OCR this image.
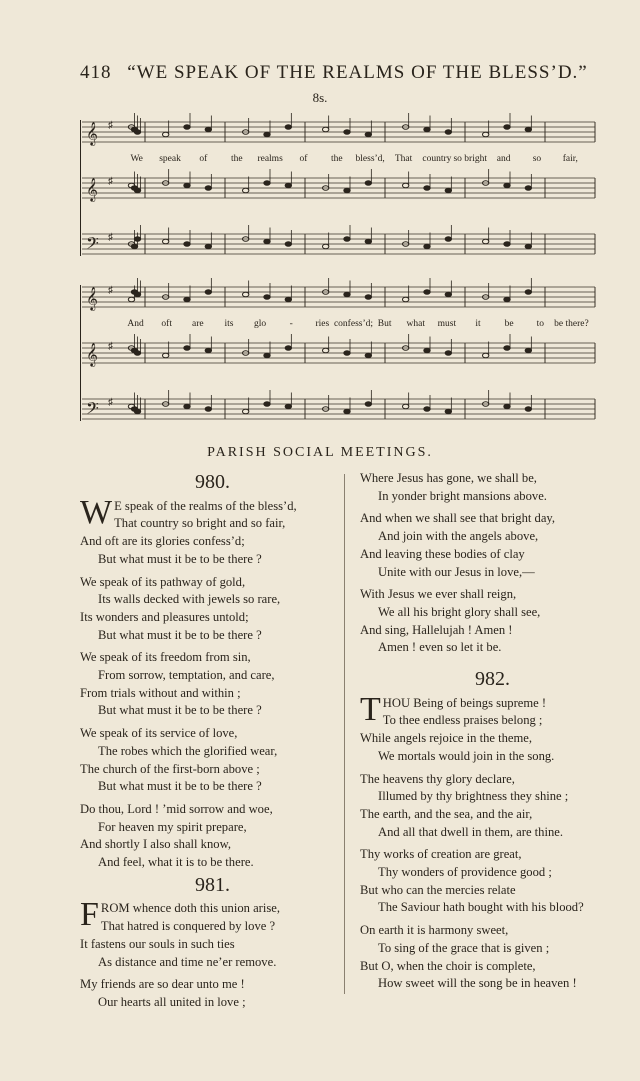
418 “WE SPEAK OF THE REALMS OF THE BLESS’D.”
8s.
𝄞 ♯
𝄞 ♯
𝄢 ♯
𝄞 ♯
𝄞 ♯
𝄢 ♯
We speak of the realms of the bless’d, That country so bright and so fair,
And oft are its glo - ries confess’d; But what must it	be to be there?
PARISH SOCIAL MEETINGS.
980.
W E speak of the realms of the bless’d,
That country so bright and so fair,
And oft are its glories confess’d;
But what must it be to be there ?
We speak of its pathway of gold,
Its walls decked with jewels so rare,
Its wonders and pleasures untold;
But what must it be to be there ?
We speak of its freedom from sin,
From sorrow, temptation, and care,
From trials without and within ;
But what must it be to be there ?
We speak of its service of love,
The robes which the glorified wear,
The church of the first-born above ;
But what must it be to be there ?
Do thou, Lord ! ’mid sorrow and woe,
For heaven my spirit prepare,
And shortly I also shall know,
And feel, what it is to be there.
981.
F ROM whence doth this union arise,
That hatred is conquered by love ?
It fastens our souls in such ties
As distance and time ne’er remove.
My friends are so dear unto me !
Our hearts all united in love ;
Where Jesus has gone, we shall be,
In yonder bright mansions above.
And when we shall see that bright day,
And join with the angels above,
And leaving these bodies of clay
Unite with our Jesus in love,—
With Jesus we ever shall reign,
We all his bright glory shall see,
And sing, Hallelujah ! Amen !
Amen ! even so let it be.
982.
T HOU Being of beings supreme !
To thee endless praises belong ;
While angels rejoice in the theme,
We mortals would join in the song.
The heavens thy glory declare,
Illumed by thy brightness they shine ;
The earth, and the sea, and the air,
And all that dwell in them, are thine.
Thy works of creation are great,
Thy wonders of providence good ;
But who can the mercies relate
The Saviour hath bought with his blood?
On earth it is harmony sweet,
To sing of the grace that is given ;
But O, when the choir is complete,
How sweet will the song be in heaven !
